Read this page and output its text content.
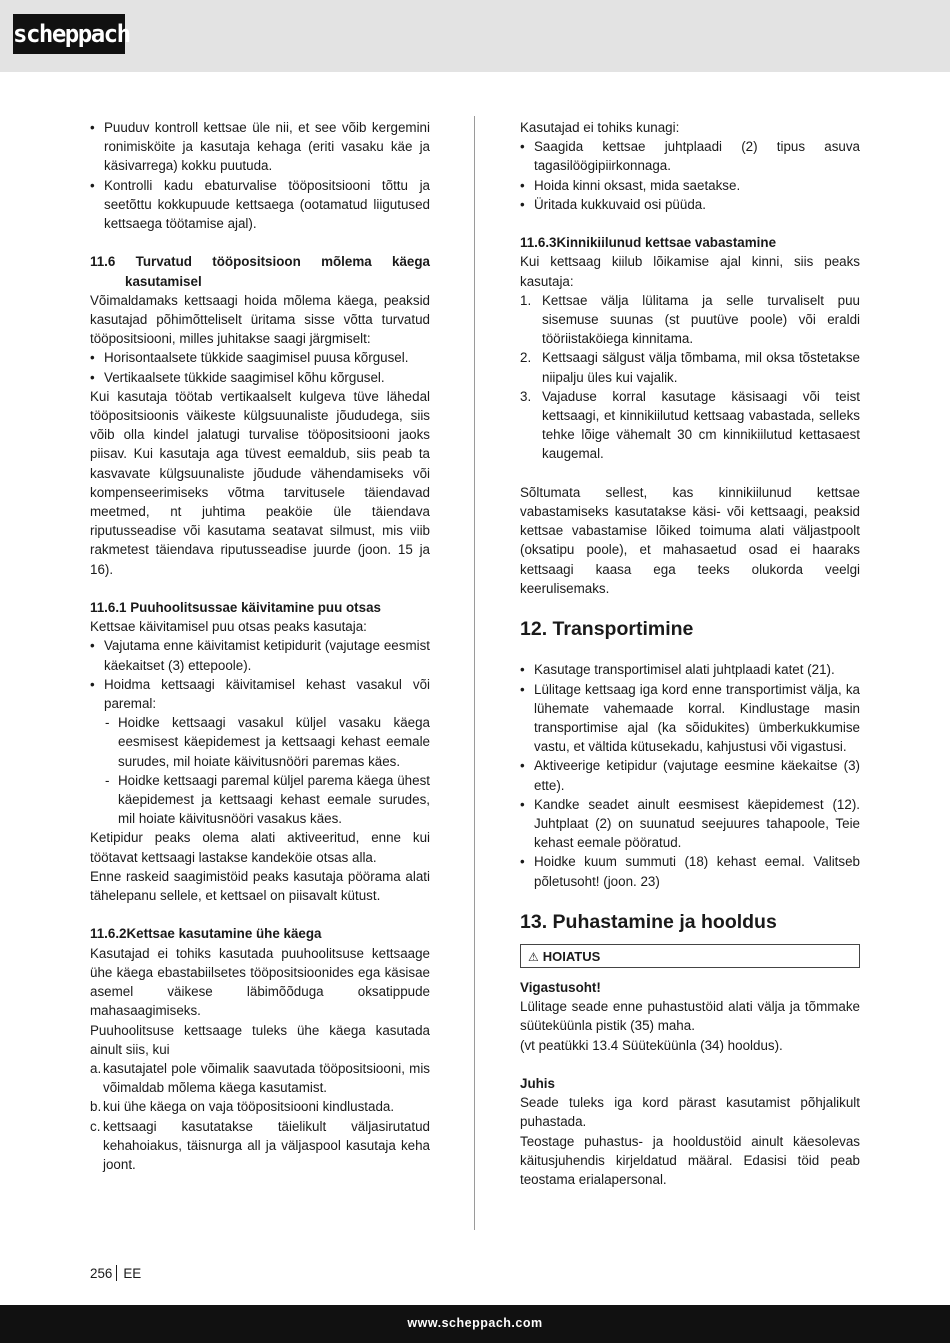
scheppach
• Puuduv kontroll kettsae üle nii, et see võib kergemini ronimisköite ja kasutaja kehaga (eriti vasaku käe ja käsivarrega) kokku puutuda.
• Kontrolli kadu ebaturvalise tööpositsiooni tõttu ja seetõttu kokkupuude kettsaega (ootamatud liigutused kettsaega töötamise ajal).

11.6 Turvatud tööpositsioon mõlema käega kasutamisel

Võimaldamaks kettsaagi hoida mõlema käega, peaksid kasutajad põhimõtteliselt üritama sisse võtta turvatud tööpositsiooni, milles juhitakse saagi järgmiselt:

• Horisontaalsete tükkide saagimisel puusa kõrgusel.
• Vertikaalsete tükkide saagimisel kõhu kõrgusel.

Kui kasutaja töötab vertikaalselt kulgeva tüve lähedal tööpositsioonis väikeste külgsuunaliste jõududega, siis võib olla kindel jalatugi turvalise tööpositsiooni jaoks piisav. Kui kasutaja aga tüvest eemaldub, siis peab ta kasvavate külgsuunaliste jõudude vähendamiseks või kompenseerimiseks võtma tarvitusele täiendavad meetmed, nt juhtima peaköie üle täiendava riputusseadise või kasutama seatavat silmust, mis viib rakmetest täiendava riputusseadise juurde (joon. 15 ja 16).

11.6.1 Puuhoolitsussae käivitamine puu otsas

Kettsae käivitamisel puu otsas peaks kasutaja:

• Vajutama enne käivitamist ketipidurit (vajutage eesmist käekaitset (3) ettepoole).
• Hoidma kettsaagi käivitamisel kehast vasakul või paremal:
- Hoidke kettsaagi vasakul küljel vasaku käega eesmisest käepidemest ja kettsaagi kehast eemale surudes, mil hoiate käivitusnööri paremas käes.
- Hoidke kettsaagi paremal küljel parema käega ühest käepidemest ja kettsaagi kehast eemale surudes, mil hoiate käivitusnööri vasakus käes.

Ketipidur peaks olema alati aktiveeritud, enne kui töötavat kettsaagi lastakse kandeköie otsas alla.

Enne raskeid saagimistöid peaks kasutaja pöörama alati tähelepanu sellele, et kettsael on piisavalt kütust.

11.6.2Kettsae kasutamine ühe käega

Kasutajad ei tohiks kasutada puuhoolitsuse kettsaage ühe käega ebastabiilsetes tööpositsioonides ega käsisae asemel väikese läbimõõduga oksatippude mahasaagimiseks.

Puuhoolitsuse kettsaage tuleks ühe käega kasutada ainult siis, kui

a. kasutajatel pole võimalik saavutada tööpositsiooni, mis võimaldab mõlema käega kasutamist.
b. kui ühe käega on vaja tööpositsiooni kindlustada.
c. kettsaagi kasutatakse täielikult väljasirutatud kehahoiakus, täisnurga all ja väljaspool kasutaja keha joont.

Kasutajad ei tohiks kunagi:

• Saagida kettsae juhtplaadi (2) tipus asuva tagasilöögipiirkonnaga.
• Hoida kinni oksast, mida saetakse.
• Üritada kukkuvaid osi püüda.

11.6.3Kinnikiilunud kettsae vabastamine

Kui kettsaag kiilub lõikamise ajal kinni, siis peaks kasutaja:

1. Kettsae välja lülitama ja selle turvaliselt puu sisemuse suunas (st puutüve poole) või eraldi tööriistaköiega kinnitama.
2. Kettsaagi sälgust välja tõmbama, mil oksa tõstetakse niipalju üles kui vajalik.
3. Vajaduse korral kasutage käsisaagi või teist kettsaagi, et kinnikiilutud kettsaag vabastada, selleks tehke lõige vähemalt 30 cm kinnikiilutud kettasaest kaugemal.

Sõltumata sellest, kas kinnikiilunud kettsae vabastamiseks kasutatakse käsi- või kettsaagi, peaksid kettsae vabastamise lõiked toimuma alati väljastpoolt (oksatipu poole), et mahasaetud osad ei haaraks kettsaagi kaasa ega teeks olukorda veelgi keerulisemaks.

12. Transportimine

• Kasutage transportimisel alati juhtplaadi katet (21).
• Lülitage kettsaag iga kord enne transportimist välja, ka lühemate vahemaade korral. Kindlustage masin transportimise ajal (ka sõidukites) ümberkukkumise vastu, et vältida kütusekadu, kahjustusi või vigastusi.
• Aktiveerige ketipidur (vajutage eesmine käekaitse (3) ette).
• Kandke seadet ainult eesmisest käepidemest (12). Juhtplaat (2) on suunatud seejuures tahapoole, Teie kehast eemale pööratud.
• Hoidke kuum summuti (18) kehast eemal. Valitseb põletusoht! (joon. 23)

13. Puhastamine ja hooldus

⚠ HOIATUS

Vigastusoht!

Lülitage seade enne puhastustöid alati välja ja tõmmake süüteküünla pistik (35) maha.

(vt peatükki 13.4 Süüteküünla (34) hooldus).

Juhis

Seade tuleks iga kord pärast kasutamist põhjalikult puhastada.

Teostage puhastus- ja hooldustöid ainult käesolevas käitusjuhendis kirjeldatud määral. Edasisi töid peab teostama erialapersonal.

256 EE
www.scheppach.com
